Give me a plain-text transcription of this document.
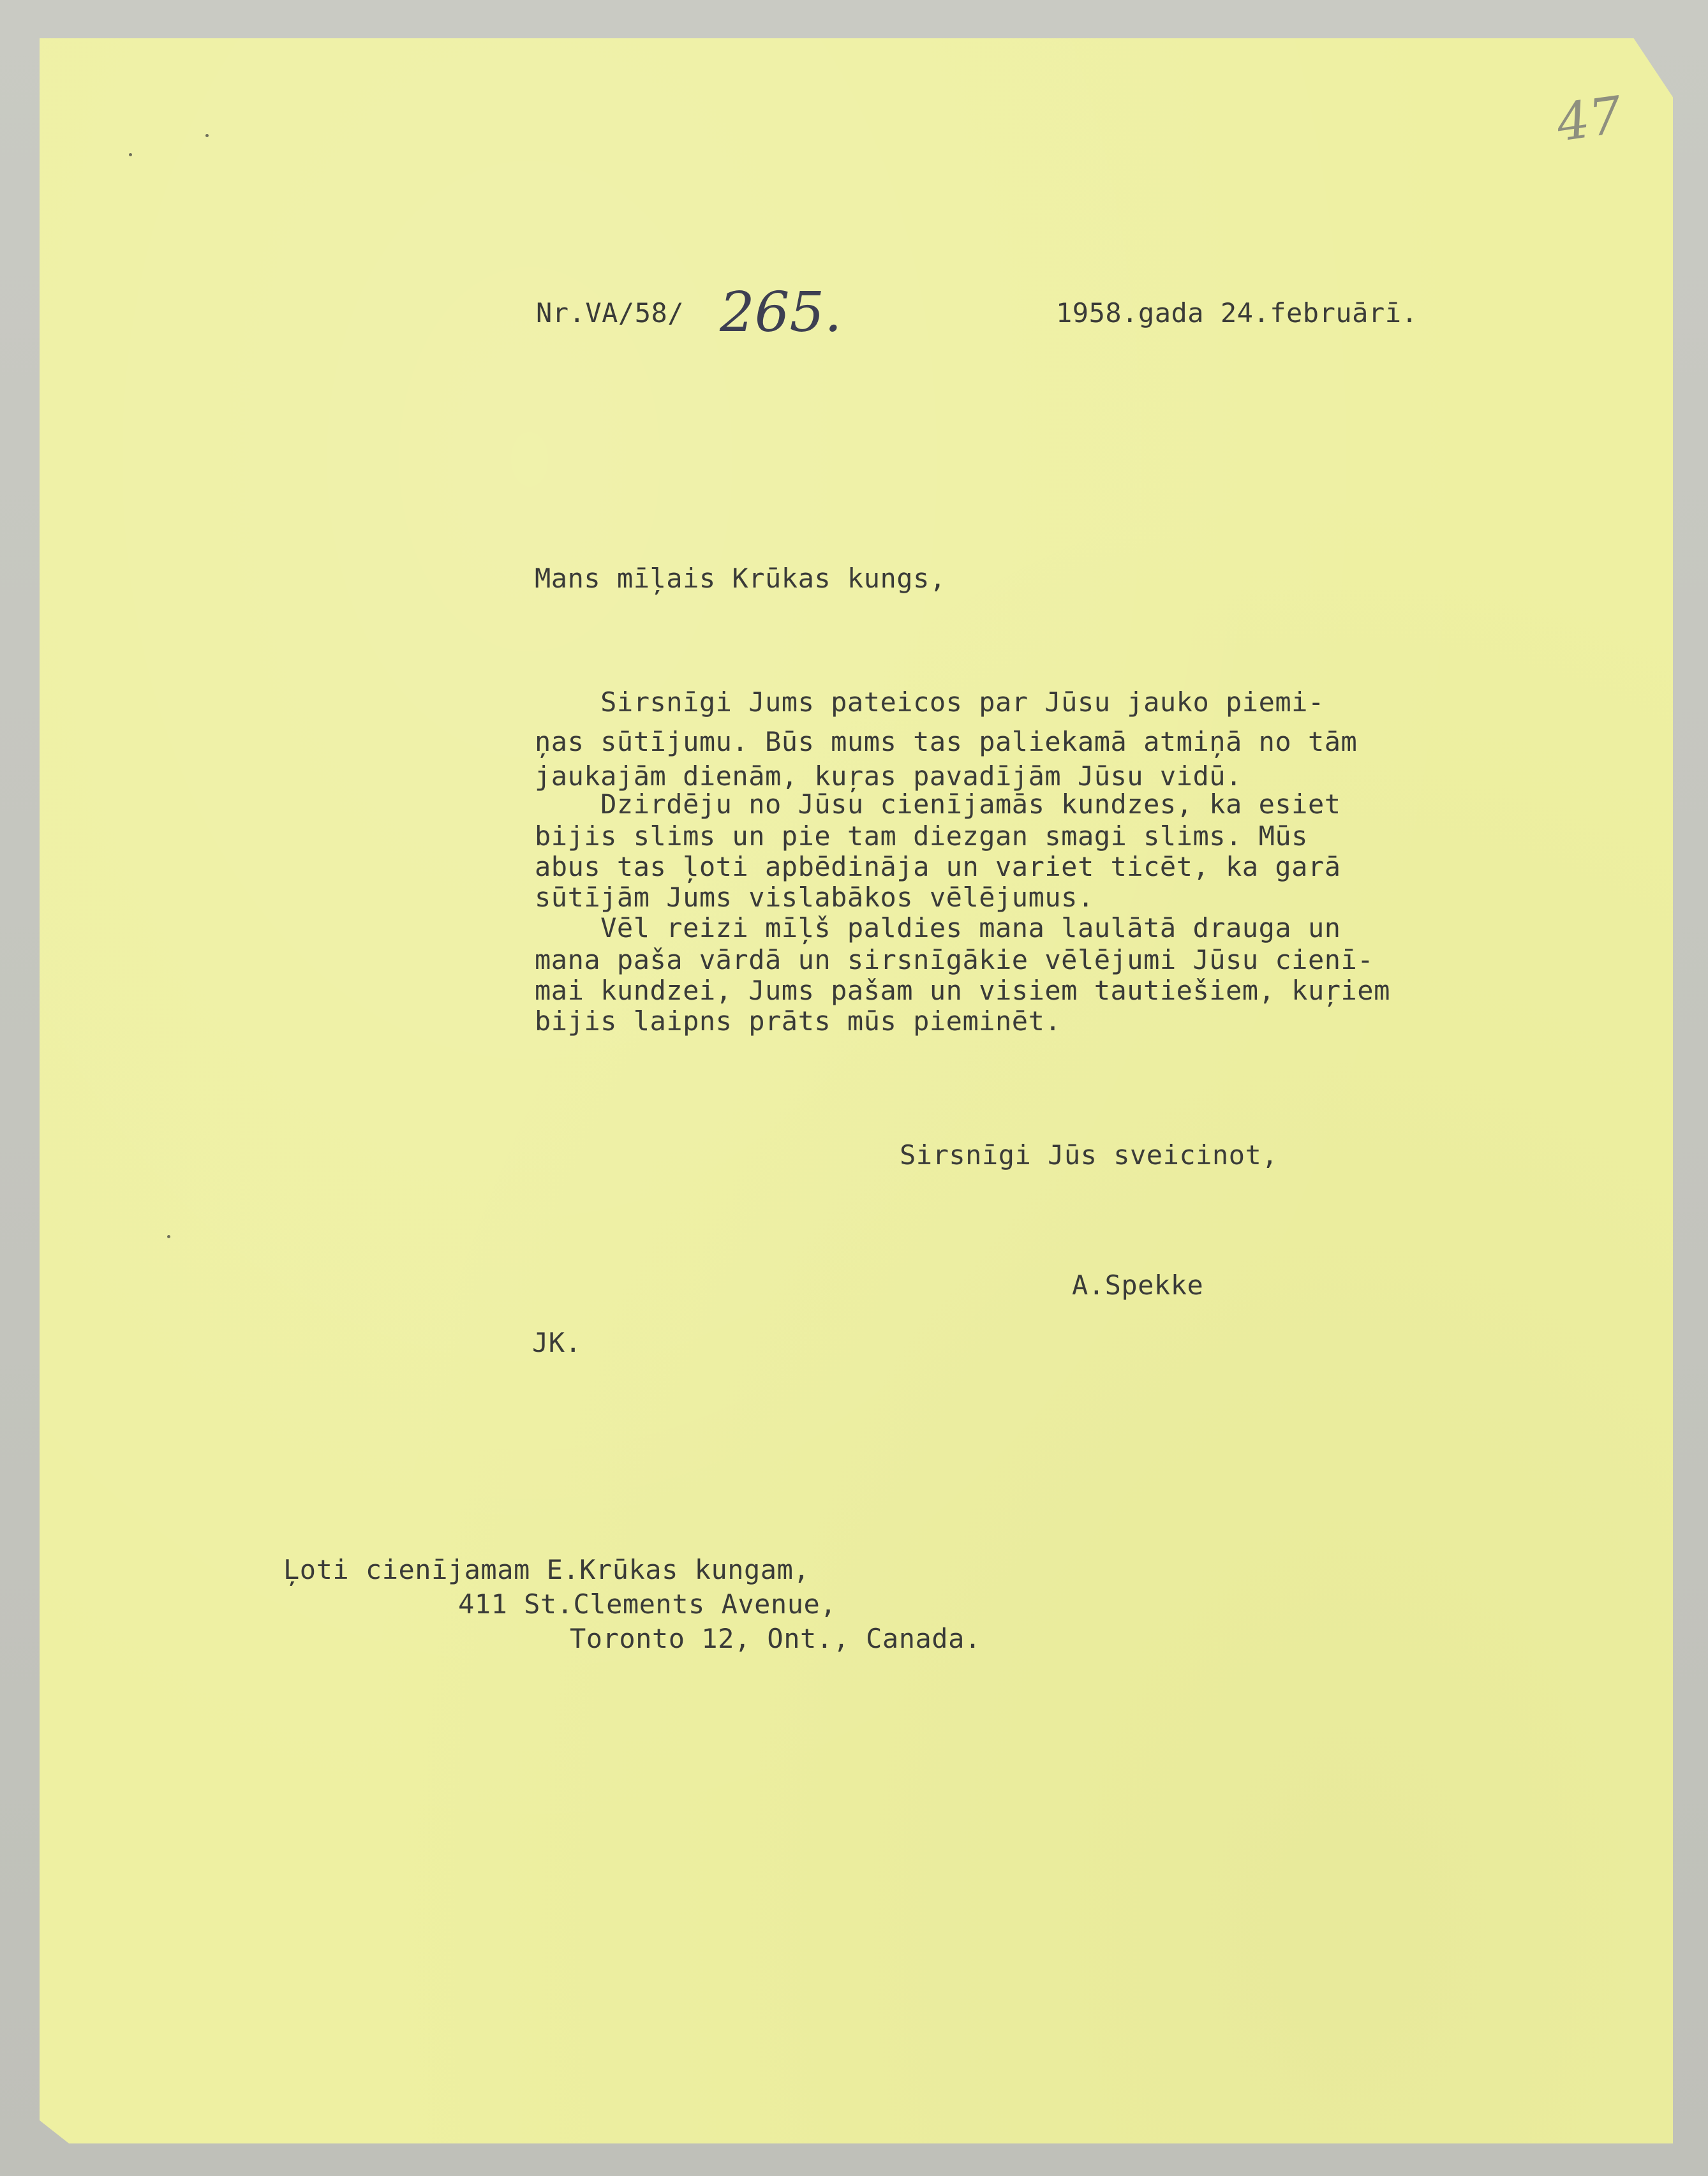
47
Nr.VA/58/ 265.	1958.gada 24.februārī.
Mans mīļais Krūkas kungs,
Sirsnīgi Jums pateicos par Jūsu jauko piemi-
ņas sūtījumu. Būs mums tas paliekamā atmiņā no tām
jaukajām dienām, kuŗas pavadījām Jūsu vidū.
Dzirdēju no Jūsu cienījamās kundzes, ka esiet
bijis slims un pie tam diezgan smagi slims. Mūs
abus tas ļoti apbēdināja un variet ticēt, ka garā
sūtījām Jums vislabākos vēlējumus.
Vēl reizi mīļš paldies mana laulātā drauga un
mana paša vārdā un sirsnīgākie vēlējumi Jūsu cienī-
mai kundzei, Jums pašam un visiem tautiešiem, kuŗiem
bijis laipns prāts mūs pieminēt.
Sirsnīgi Jūs sveicinot,
A.Spekke
JK.
Ļoti cienījamam E.Krūkas kungam,
411 St.Clements Avenue,
Toronto 12, Ont., Canada.
